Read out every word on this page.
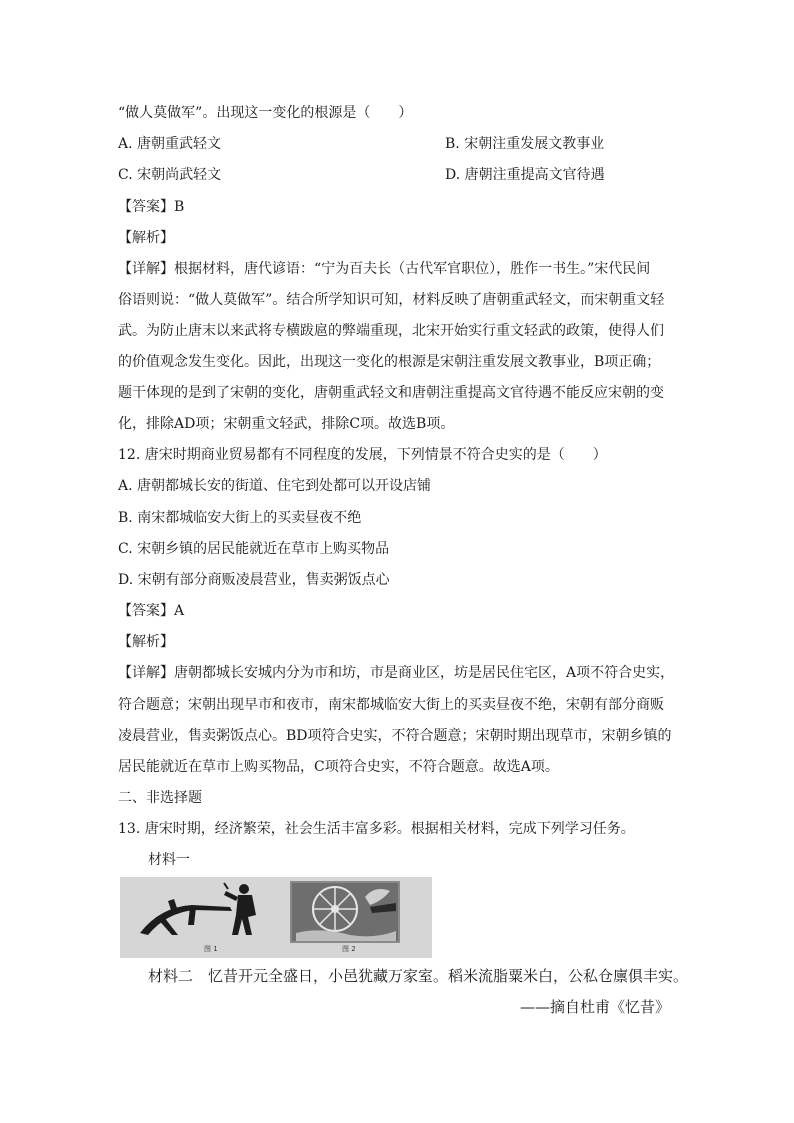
“做人莫做军”。出现这一变化的根源是（　　）
A. 唐朝重武轻文	B. 宋朝注重发展文教事业
C. 宋朝尚武轻文	D. 唐朝注重提高文官待遇
【答案】B
【解析】
【详解】根据材料，唐代谚语：“宁为百夫长（古代军官职位），胜作一书生。”宋代民间
俗语则说：“做人莫做军”。结合所学知识可知，材料反映了唐朝重武轻文，而宋朝重文轻
武。为防止唐末以来武将专横跋扈的弊端重现，北宋开始实行重文轻武的政策，使得人们
的价值观念发生变化。因此，出现这一变化的根源是宋朝注重发展文教事业，B项正确；
题干体现的是到了宋朝的变化，唐朝重武轻文和唐朝注重提高文官待遇不能反应宋朝的变
化，排除AD项；宋朝重文轻武，排除C项。故选B项。
12. 唐宋时期商业贸易都有不同程度的发展，下列情景不符合史实的是（　　）
A. 唐朝都城长安的街道、住宅到处都可以开设店铺
B. 南宋都城临安大街上的买卖昼夜不绝
C. 宋朝乡镇的居民能就近在草市上购买物品
D. 宋朝有部分商贩凌晨营业，售卖粥饭点心
【答案】A
【解析】
【详解】唐朝都城长安城内分为市和坊，市是商业区，坊是居民住宅区，A项不符合史实，
符合题意；宋朝出现早市和夜市，南宋都城临安大街上的买卖昼夜不绝，宋朝有部分商贩
凌晨营业，售卖粥饭点心。BD项符合史实，不符合题意；宋朝时期出现草市，宋朝乡镇的
居民能就近在草市上购买物品，C项符合史实，不符合题意。故选A项。
二、非选择题
13. 唐宋时期，经济繁荣，社会生活丰富多彩。根据相关材料，完成下列学习任务。
材料一
图 1	图 2
材料二　忆昔开元全盛日，小邑犹藏万家室。稻米流脂粟米白，公私仓廪俱丰实。
——摘自杜甫《忆昔》
